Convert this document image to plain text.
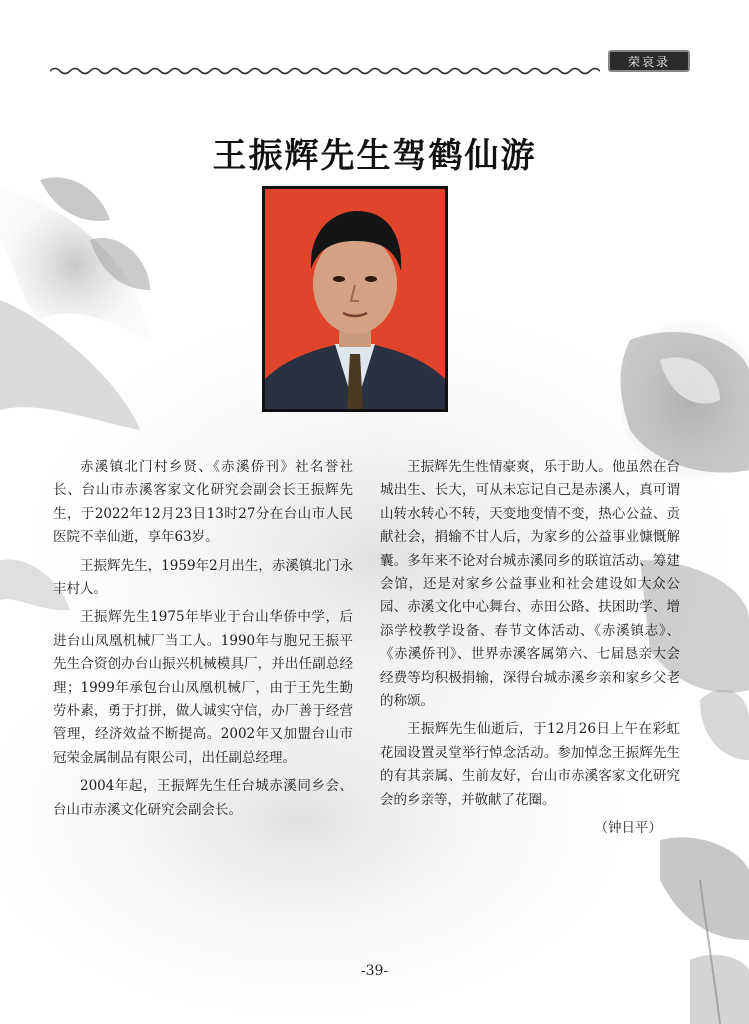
荣哀录
王振辉先生驾鹤仙游

赤溪镇北门村乡贤、《赤溪侨刊》社名誉社长、台山市赤溪客家文化研究会副会长王振辉先生，于2022年12月23日13时27分在台山市人民医院不幸仙逝，享年63岁。

王振辉先生，1959年2月出生，赤溪镇北门永丰村人。

王振辉先生1975年毕业于台山华侨中学，后进台山凤凰机械厂当工人。1990年与胞兄王振平先生合资创办台山振兴机械模具厂，并出任副总经理；1999年承包台山凤凰机械厂，由于王先生勤劳朴素，勇于打拼，做人诚实守信，办厂善于经营管理，经济效益不断提高。2002年又加盟台山市冠荣金属制品有限公司，出任副总经理。

2004年起，王振辉先生任台城赤溪同乡会、台山市赤溪文化研究会副会长。

王振辉先生性情豪爽，乐于助人。他虽然在台城出生、长大，可从未忘记自己是赤溪人，真可谓山转水转心不转，天变地变情不变，热心公益、贡献社会，捐输不甘人后，为家乡的公益事业慷慨解囊。多年来不论对台城赤溪同乡的联谊活动、筹建会馆，还是对家乡公益事业和社会建设如大众公园、赤溪文化中心舞台、赤田公路、扶困助学、增添学校教学设备、春节文体活动、《赤溪镇志》、《赤溪侨刊》、世界赤溪客属第六、七届恳亲大会经费等均积极捐输，深得台城赤溪乡亲和家乡父老的称颂。

王振辉先生仙逝后，于12月26日上午在彩虹花园设置灵堂举行悼念活动。参加悼念王振辉先生的有其亲属、生前友好，台山市赤溪客家文化研究会的乡亲等，并敬献了花圈。

（钟日平）

-39-
